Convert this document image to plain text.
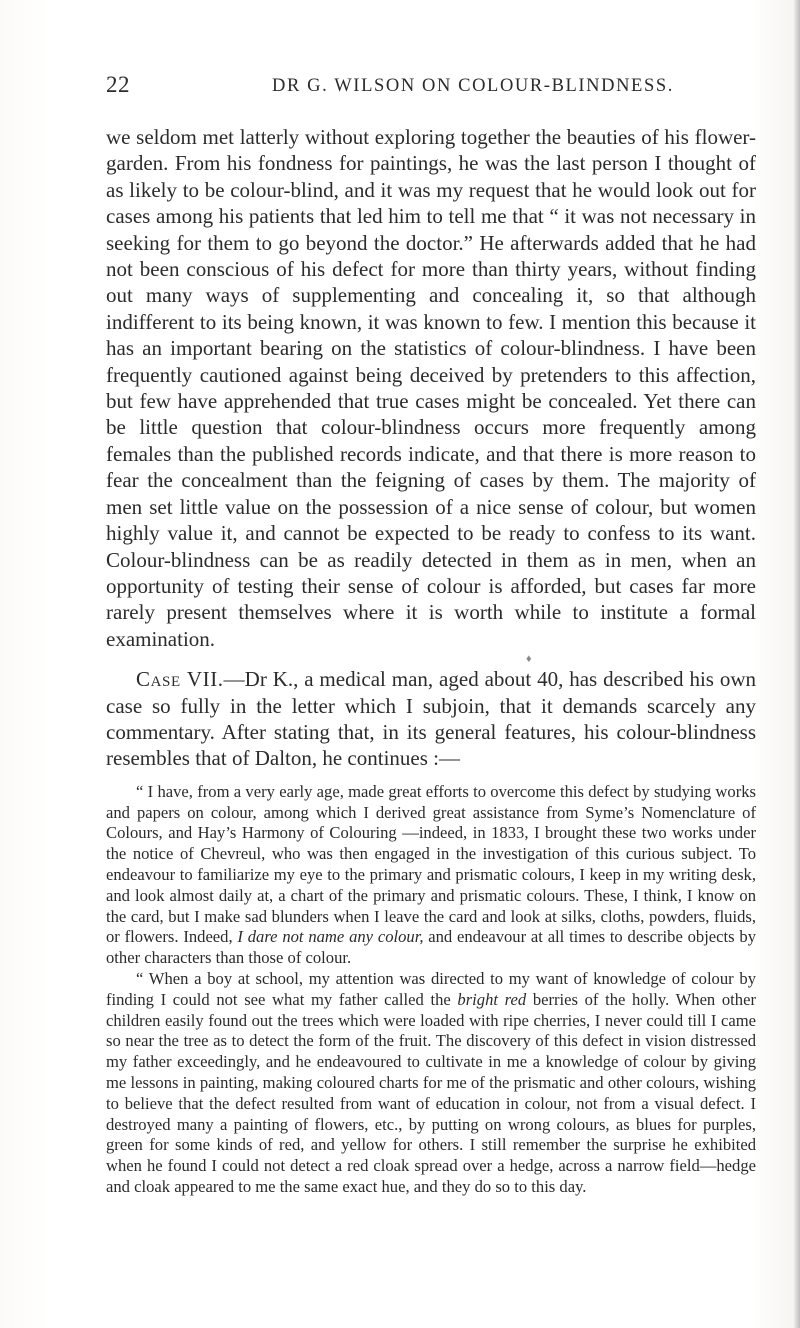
22	DR G. WILSON ON COLOUR-BLINDNESS.

we seldom met latterly without exploring together the beauties of his flower-garden. From his fondness for paintings, he was the last person I thought of as likely to be colour-blind, and it was my request that he would look out for cases among his patients that led him to tell me that “ it was not necessary in seeking for them to go beyond the doctor.” He afterwards added that he had not been conscious of his defect for more than thirty years, without finding out many ways of supplementing and concealing it, so that although indifferent to its being known, it was known to few. I mention this because it has an important bearing on the statistics of colour-blindness. I have been frequently cautioned against being deceived by pretenders to this affection, but few have apprehended that true cases might be concealed. Yet there can be little question that colour-blindness occurs more frequently among females than the published records indicate, and that there is more reason to fear the concealment than the feigning of cases by them. The majority of men set little value on the possession of a nice sense of colour, but women highly value it, and cannot be expected to be ready to confess to its want. Colour-blindness can be as readily detected in them as in men, when an opportunity of testing their sense of colour is afforded, but cases far more rarely present themselves where it is worth while to institute a formal examination.

♦

Case VII.—Dr K., a medical man, aged about 40, has described his own case so fully in the letter which I subjoin, that it demands scarcely any commentary. After stating that, in its general features, his colour-blindness resembles that of Dalton, he continues :—

“ I have, from a very early age, made great efforts to overcome this defect by studying works and papers on colour, among which I derived great assistance from Syme’s Nomenclature of Colours, and Hay’s Harmony of Colouring —indeed, in 1833, I brought these two works under the notice of Chevreul, who was then engaged in the investigation of this curious subject. To endeavour to familiarize my eye to the primary and prismatic colours, I keep in my writing desk, and look almost daily at, a chart of the primary and prismatic colours. These, I think, I know on the card, but I make sad blunders when I leave the card and look at silks, cloths, powders, fluids, or flowers. Indeed, I dare not name any colour, and endeavour at all times to describe objects by other characters than those of colour.

“ When a boy at school, my attention was directed to my want of knowledge of colour by finding I could not see what my father called the bright red berries of the holly. When other children easily found out the trees which were loaded with ripe cherries, I never could till I came so near the tree as to detect the form of the fruit. The discovery of this defect in vision distressed my father exceedingly, and he endeavoured to cultivate in me a knowledge of colour by giving me lessons in painting, making coloured charts for me of the prismatic and other colours, wishing to believe that the defect resulted from want of education in colour, not from a visual defect. I destroyed many a painting of flowers, etc., by putting on wrong colours, as blues for purples, green for some kinds of red, and yellow for others. I still remember the surprise he exhibited when he found I could not detect a red cloak spread over a hedge, across a narrow field—hedge and cloak appeared to me the same exact hue, and they do so to this day.
